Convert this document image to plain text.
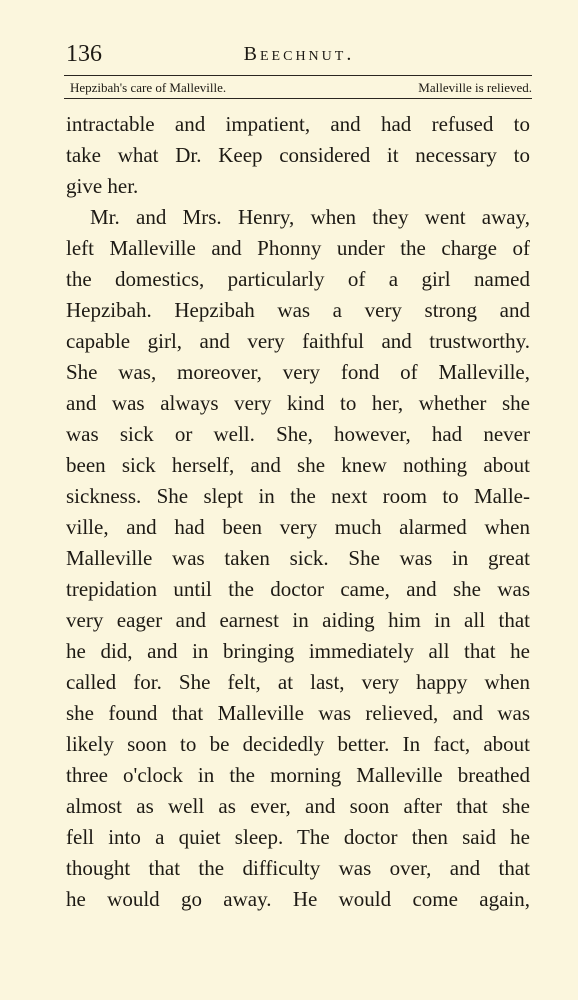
136	Beechnut.
Hepzibah's care of Malleville.	Malleville is relieved.
intractable and impatient, and had refused to
take what Dr. Keep considered it necessary to
give her.
Mr. and Mrs. Henry, when they went away,
left Malleville and Phonny under the charge of
the domestics, particularly of a girl named
Hepzibah. Hepzibah was a very strong and
capable girl, and very faithful and trustworthy.
She was, moreover, very fond of Malleville,
and was always very kind to her, whether she
was sick or well. She, however, had never
been sick herself, and she knew nothing about
sickness. She slept in the next room to Malle-
ville, and had been very much alarmed when
Malleville was taken sick. She was in great
trepidation until the doctor came, and she was
very eager and earnest in aiding him in all that
he did, and in bringing immediately all that he
called for. She felt, at last, very happy when
she found that Malleville was relieved, and was
likely soon to be decidedly better. In fact, about
three o'clock in the morning Malleville breathed
almost as well as ever, and soon after that she
fell into a quiet sleep. The doctor then said he
thought that the difficulty was over, and that
he would go away. He would come again,
